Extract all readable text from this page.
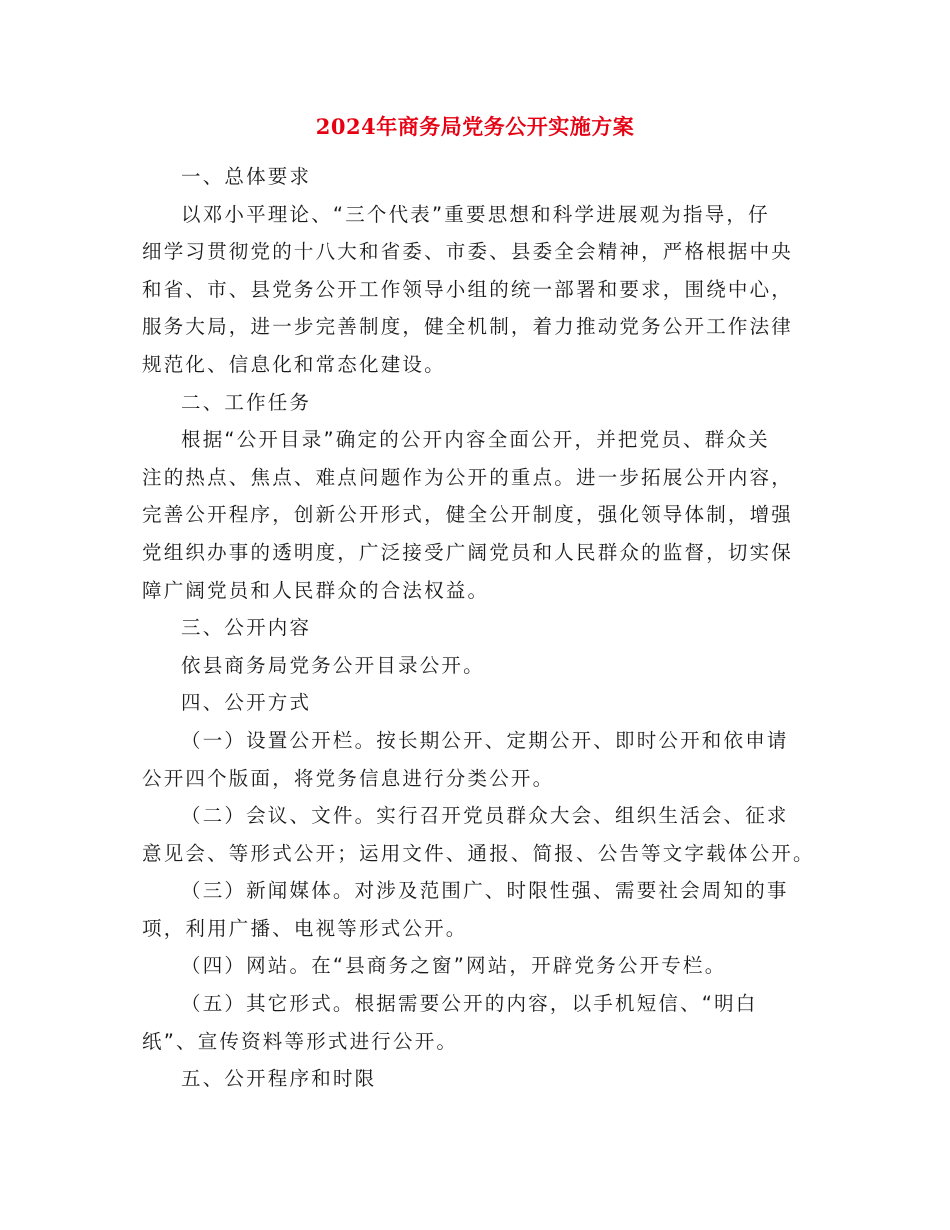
2024年商务局党务公开实施方案

一、总体要求

以邓小平理论、“三个代表”重要思想和科学进展观为指导，仔
细学习贯彻党的十八大和省委、市委、县委全会精神，严格根据中央
和省、市、县党务公开工作领导小组的统一部署和要求，围绕中心，
服务大局，进一步完善制度，健全机制，着力推动党务公开工作法律
规范化、信息化和常态化建设。

二、工作任务

根据“公开目录”确定的公开内容全面公开，并把党员、群众关
注的热点、焦点、难点问题作为公开的重点。进一步拓展公开内容，
完善公开程序，创新公开形式，健全公开制度，强化领导体制，增强
党组织办事的透明度，广泛接受广阔党员和人民群众的监督，切实保
障广阔党员和人民群众的合法权益。

三、公开内容

依县商务局党务公开目录公开。

四、公开方式

（一）设置公开栏。按长期公开、定期公开、即时公开和依申请
公开四个版面，将党务信息进行分类公开。

（二）会议、文件。实行召开党员群众大会、组织生活会、征求
意见会、等形式公开；运用文件、通报、简报、公告等文字载体公开。

（三）新闻媒体。对涉及范围广、时限性强、需要社会周知的事
项，利用广播、电视等形式公开。

（四）网站。在“县商务之窗”网站，开辟党务公开专栏。

（五）其它形式。根据需要公开的内容，以手机短信、“明白
纸”、宣传资料等形式进行公开。

五、公开程序和时限
